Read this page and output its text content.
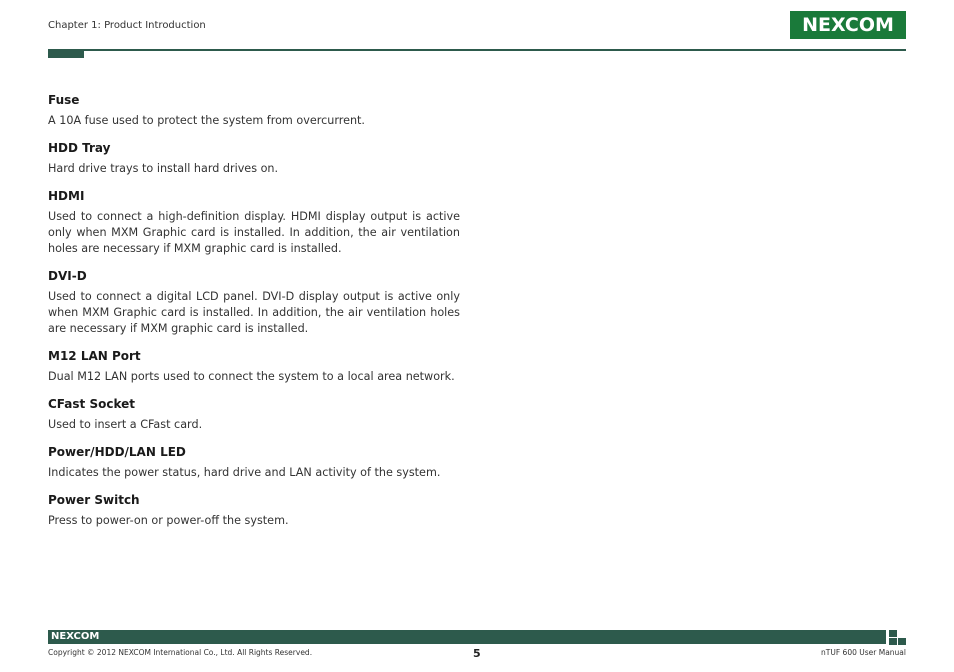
Chapter 1: Product Introduction	NEXCOM
Fuse

A 10A fuse used to protect the system from overcurrent.

HDD Tray

Hard drive trays to install hard drives on.

HDMI

Used to connect a high-definition display. HDMI display output is active only when MXM Graphic card is installed. In addition, the air ventilation holes are necessary if MXM graphic card is installed.

DVI-D

Used to connect a digital LCD panel. DVI-D display output is active only when MXM Graphic card is installed. In addition, the air ventilation holes are necessary if MXM graphic card is installed.

M12 LAN Port

Dual M12 LAN ports used to connect the system to a local area network.

CFast Socket

Used to insert a CFast card.

Power/HDD/LAN LED

Indicates the power status, hard drive and LAN activity of the system.

Power Switch

Press to power-on or power-off the system.

NEXCOM
Copyright © 2012 NEXCOM International Co., Ltd. All Rights Reserved.	5	nTUF 600 User Manual
